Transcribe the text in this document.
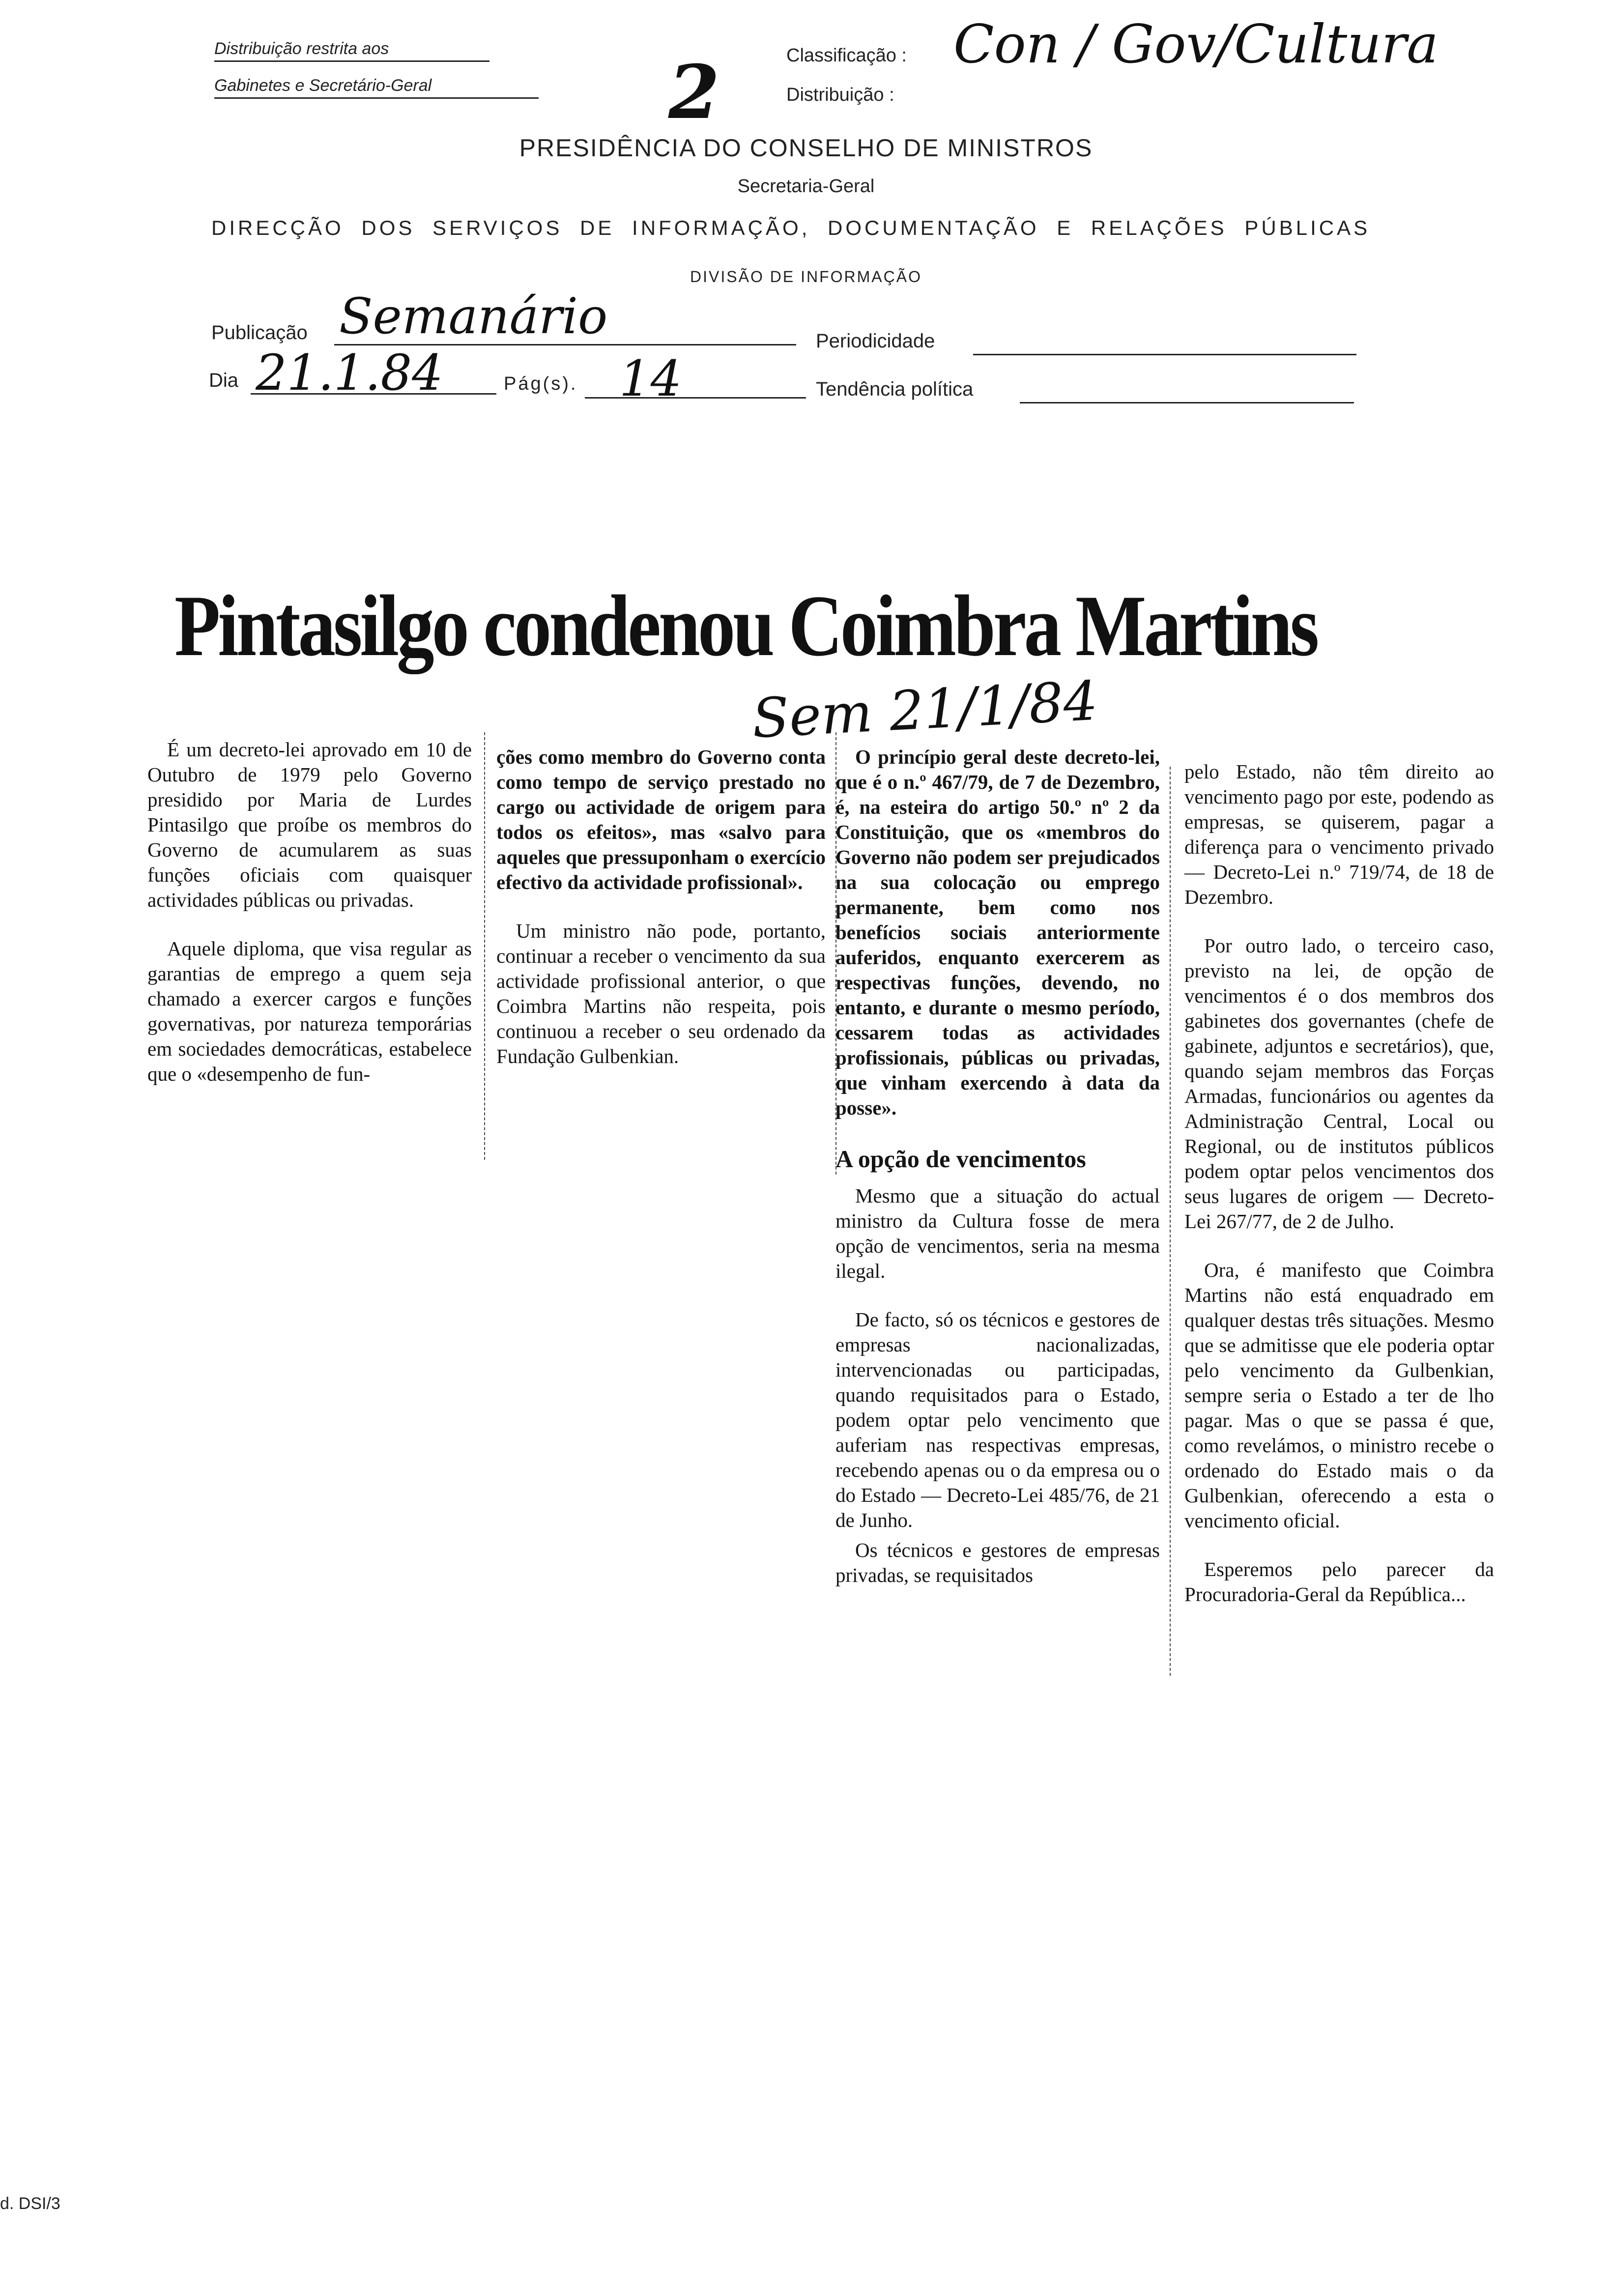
Distribuição restrita aos
Gabinetes e Secretário-Geral
Classificação : Con / Gov/Cultura
Distribuição :
2
PRESIDÊNCIA DO CONSELHO DE MINISTROS
Secretaria-Geral
DIRECÇÃO DOS SERVIÇOS DE INFORMAÇÃO, DOCUMENTAÇÃO E RELAÇÕES PÚBLICAS
DIVISÃO DE INFORMAÇÃO
Publicação Semanário	Periodicidade
Dia 21.1.84	Pág(s). 14	Tendência política
Pintasilgo condenou Coimbra Martins
Sem 21/1/84

É um decreto-lei aprovado em 10 de Outubro de 1979 pelo Governo presidido por Maria de Lurdes Pintasilgo que proíbe os membros do Governo de acumularem as suas funções oficiais com quaisquer actividades públicas ou privadas.

Aquele diploma, que visa regular as garantias de emprego a quem seja chamado a exercer cargos e funções governativas, por natureza temporárias em sociedades democráticas, estabelece que o «desempenho de fun-

ções como membro do Governo conta como tempo de serviço prestado no cargo ou actividade de origem para todos os efeitos», mas «salvo para aqueles que pressuponham o exercício efectivo da actividade profissional».

Um ministro não pode, portanto, continuar a receber o vencimento da sua actividade profissional anterior, o que Coimbra Martins não respeita, pois continuou a receber o seu ordenado da Fundação Gulbenkian.

O princípio geral deste decreto-lei, que é o n.º 467/79, de 7 de Dezembro, é, na esteira do artigo 50.º nº 2 da Constituição, que os «membros do Governo não podem ser prejudicados na sua colocação ou emprego permanente, bem como nos benefícios sociais anteriormente auferidos, enquanto exercerem as respectivas funções, devendo, no entanto, e durante o mesmo período, cessarem todas as actividades profissionais, públicas ou privadas, que vinham exercendo à data da posse».

A opção de vencimentos

Mesmo que a situação do actual ministro da Cultura fosse de mera opção de vencimentos, seria na mesma ilegal.

De facto, só os técnicos e gestores de empresas nacionalizadas, intervencionadas ou participadas, quando requisitados para o Estado, podem optar pelo vencimento que auferiam nas respectivas empresas, recebendo apenas ou o da empresa ou o do Estado — Decreto-Lei 485/76, de 21 de Junho.

Os técnicos e gestores de empresas privadas, se requisitados

pelo Estado, não têm direito ao vencimento pago por este, podendo as empresas, se quiserem, pagar a diferença para o vencimento privado — Decreto-Lei n.º 719/74, de 18 de Dezembro.

Por outro lado, o terceiro caso, previsto na lei, de opção de vencimentos é o dos membros dos gabinetes dos governantes (chefe de gabinete, adjuntos e secretários), que, quando sejam membros das Forças Armadas, funcionários ou agentes da Administração Central, Local ou Regional, ou de institutos públicos podem optar pelos vencimentos dos seus lugares de origem — Decreto-Lei 267/77, de 2 de Julho.

Ora, é manifesto que Coimbra Martins não está enquadrado em qualquer destas três situações. Mesmo que se admitisse que ele poderia optar pelo vencimento da Gulbenkian, sempre seria o Estado a ter de lho pagar. Mas o que se passa é que, como revelámos, o ministro recebe o ordenado do Estado mais o da Gulbenkian, oferecendo a esta o vencimento oficial.

Esperemos pelo parecer da Procuradoria-Geral da República...

d. DSI/3
